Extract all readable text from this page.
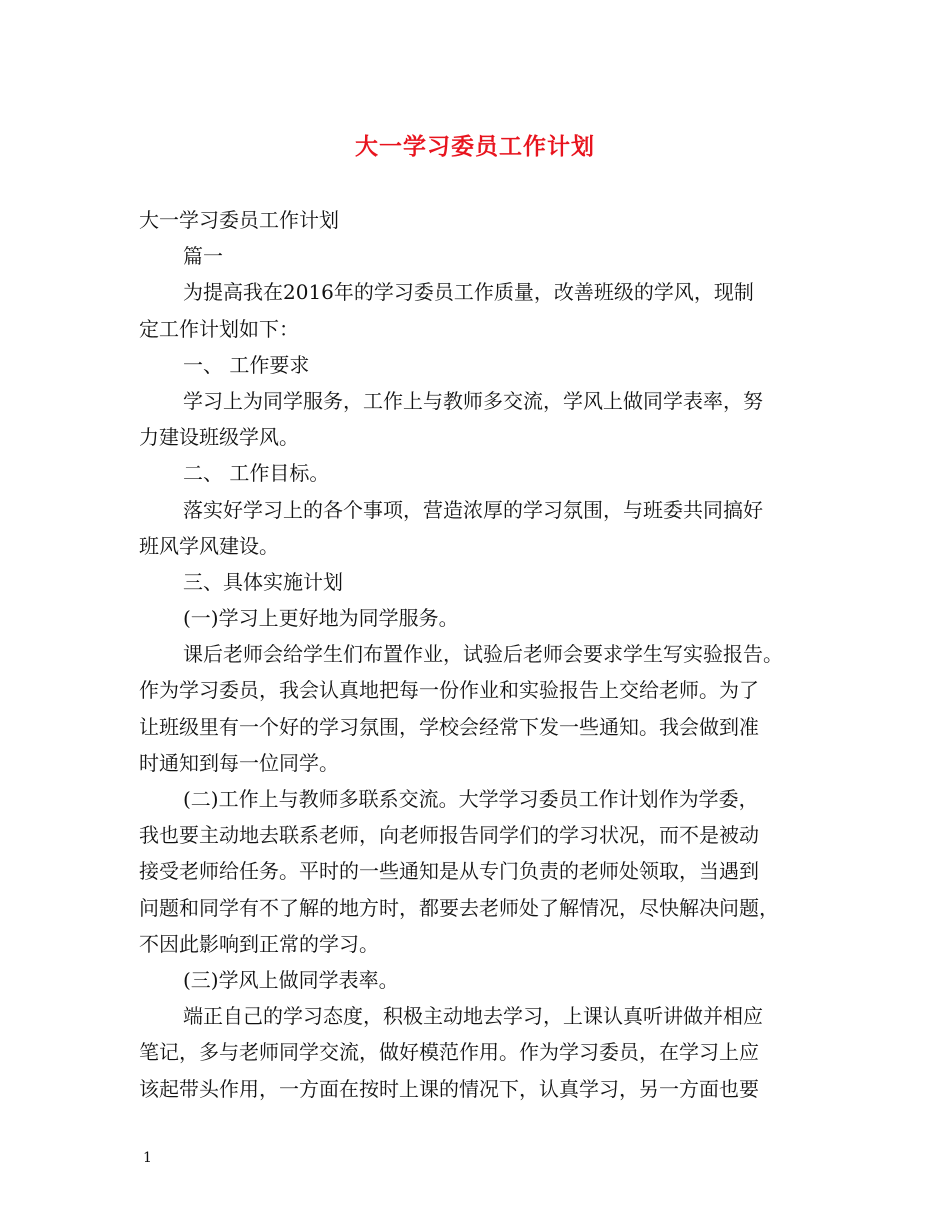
大一学习委员工作计划
大一学习委员工作计划
篇一
为提高我在2016年的学习委员工作质量，改善班级的学风，现制
定工作计划如下：
一、 工作要求
学习上为同学服务，工作上与教师多交流，学风上做同学表率，努
力建设班级学风。
二、 工作目标。
落实好学习上的各个事项，营造浓厚的学习氛围，与班委共同搞好
班风学风建设。
三、具体实施计划
(一)学习上更好地为同学服务。
课后老师会给学生们布置作业，试验后老师会要求学生写实验报告。
作为学习委员，我会认真地把每一份作业和实验报告上交给老师。为了
让班级里有一个好的学习氛围，学校会经常下发一些通知。我会做到准
时通知到每一位同学。
(二)工作上与教师多联系交流。大学学习委员工作计划作为学委，
我也要主动地去联系老师，向老师报告同学们的学习状况，而不是被动
接受老师给任务。平时的一些通知是从专门负责的老师处领取，当遇到
问题和同学有不了解的地方时，都要去老师处了解情况，尽快解决问题，
不因此影响到正常的学习。
(三)学风上做同学表率。
端正自己的学习态度，积极主动地去学习，上课认真听讲做并相应
笔记，多与老师同学交流，做好模范作用。作为学习委员，在学习上应
该起带头作用，一方面在按时上课的情况下，认真学习，另一方面也要
1
